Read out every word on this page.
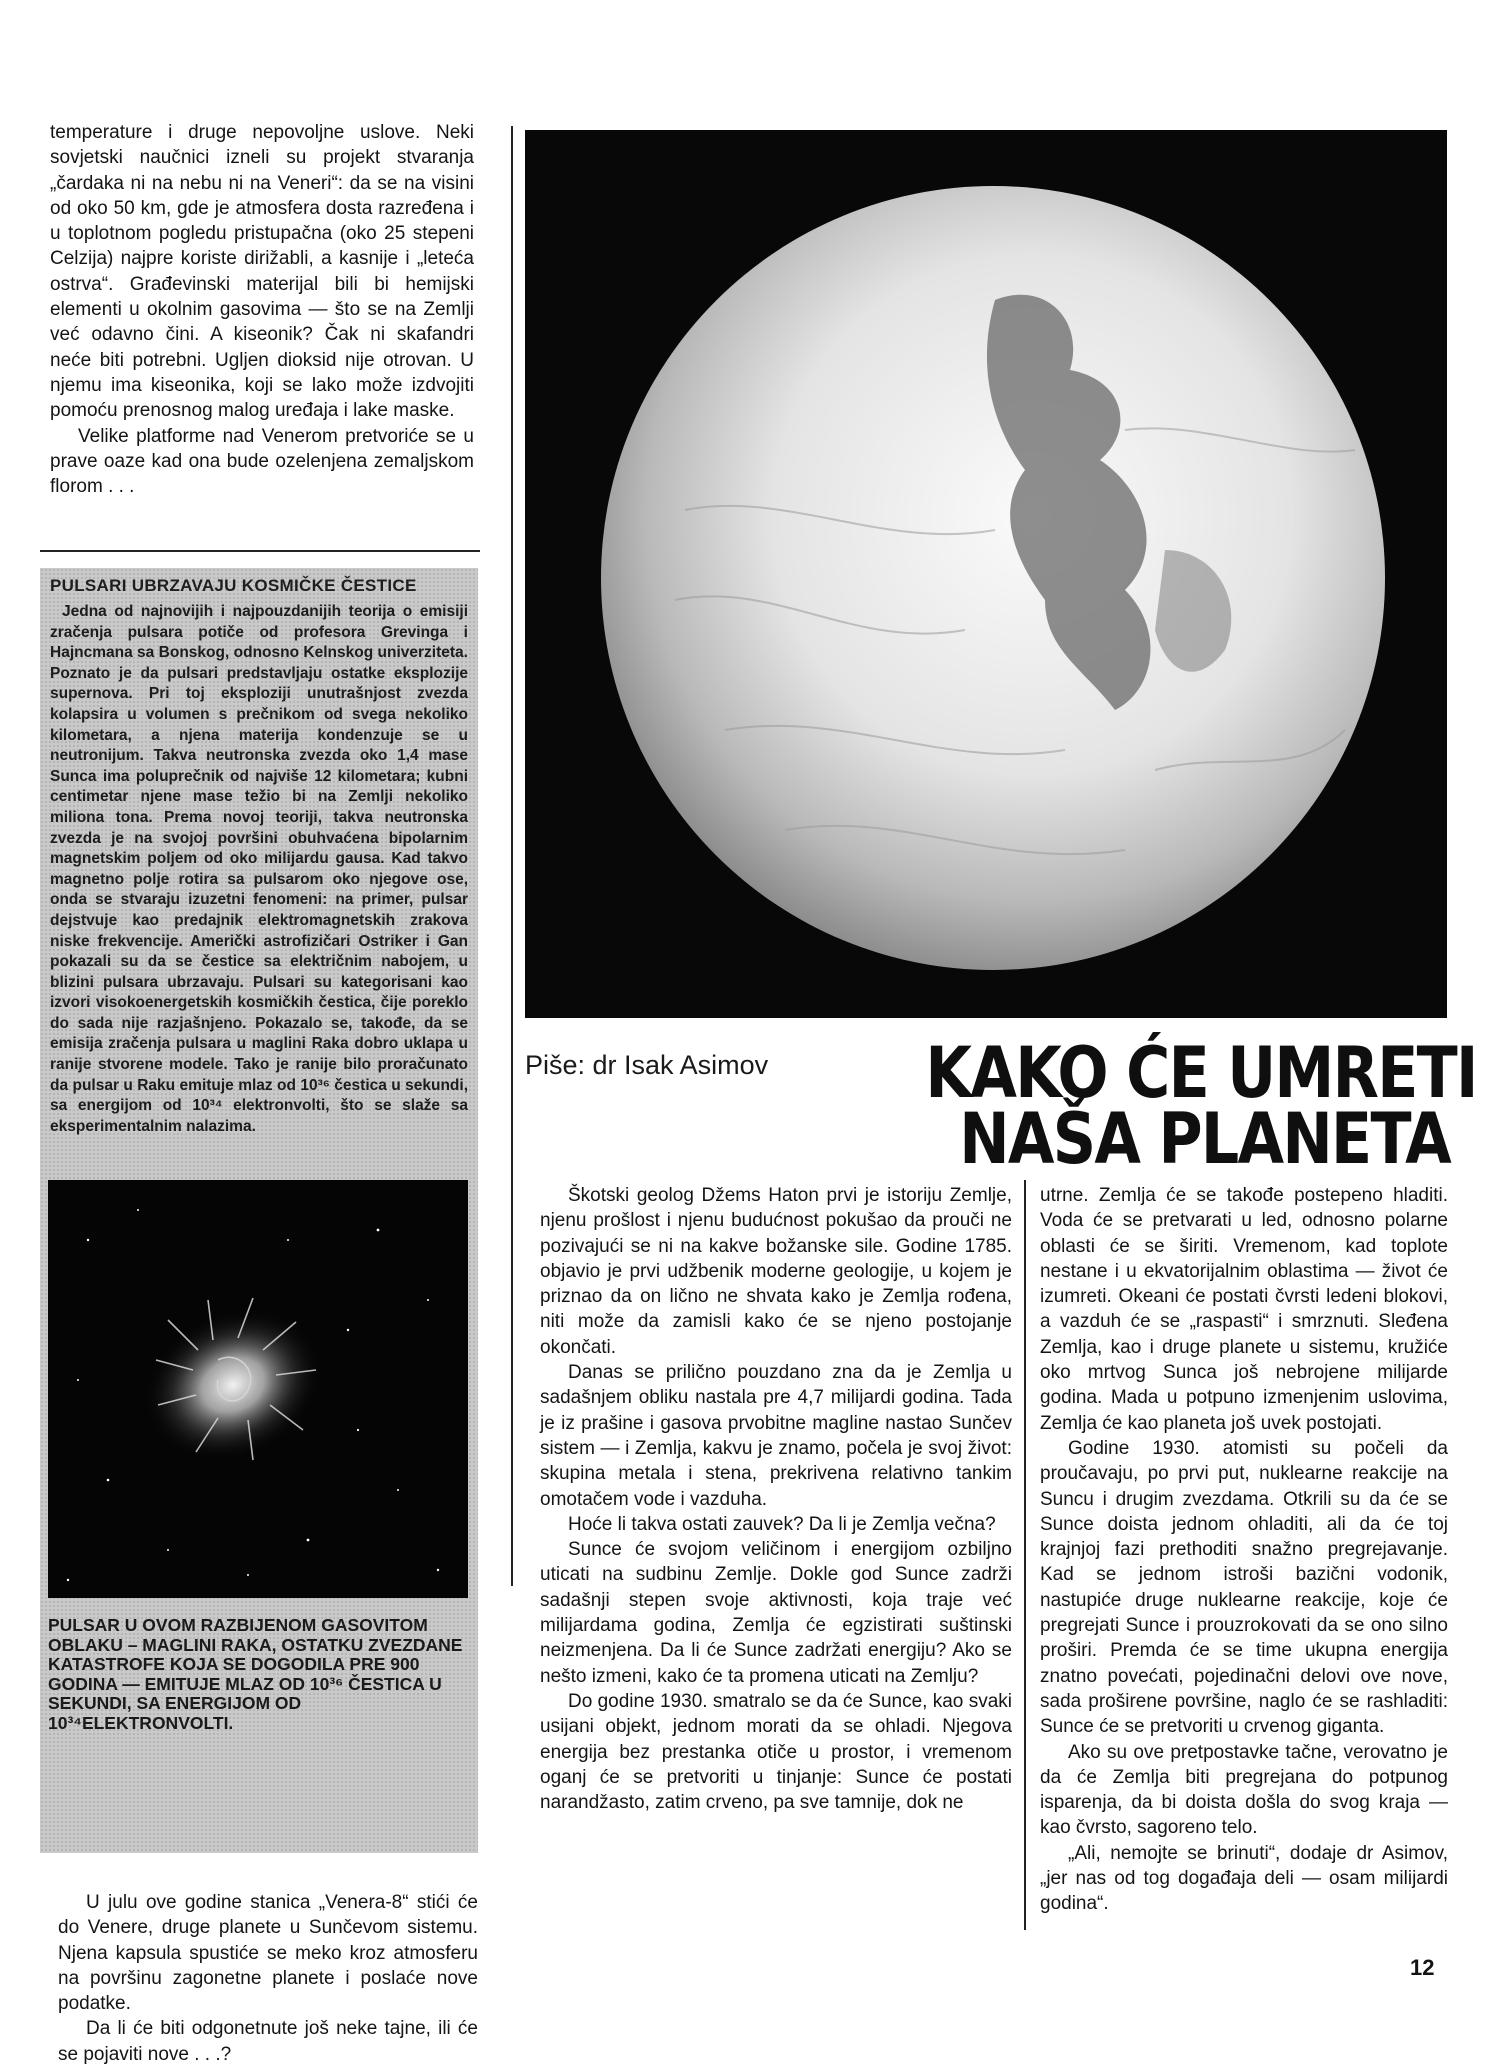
temperature i druge nepovoljne uslove. Neki sovjetski naučnici izneli su projekt stvaranja „čardaka ni na nebu ni na Veneri“: da se na visini od oko 50 km, gde je atmosfera dosta razređena i u toplotnom pogledu pristupačna (oko 25 stepeni Celzija) najpre koriste dirižabli, a kasnije i „leteća ostrva“. Građevinski materijal bili bi hemijski elementi u okolnim gasovima — što se na Zemlji već odavno čini. A kiseonik? Čak ni skafandri neće biti potrebni. Ugljen dioksid nije otrovan. U njemu ima kiseonika, koji se lako može izdvojiti pomoću prenosnog malog uređaja i lake maske.

Velike platforme nad Venerom pretvoriće se u prave oaze kad ona bude ozelenjena zemaljskom florom . . .

PULSARI UBRZAVAJU KOSMIČKE ČESTICE

Jedna od najnovijih i najpouzdanijih teorija o emisiji zračenja pulsara potiče od profesora Grevinga i Hajncmana sa Bonskog, odnosno Kelnskog univerziteta. Poznato je da pulsari predstavljaju ostatke eksplozije supernova. Pri toj eksploziji unutrašnjost zvezda kolapsira u volumen s prečnikom od svega nekoliko kilometara, a njena materija kondenzuje se u neutronijum. Takva neutronska zvezda oko 1,4 mase Sunca ima poluprečnik od najviše 12 kilometara; kubni centimetar njene mase težio bi na Zemlji nekoliko miliona tona. Prema novoj teoriji, takva neutronska zvezda je na svojoj površini obuhvaćena bipolarnim magnetskim poljem od oko milijardu gausa. Kad takvo magnetno polje rotira sa pulsarom oko njegove ose, onda se stvaraju izuzetni fenomeni: na primer, pulsar dejstvuje kao predajnik elektromagnetskih zrakova niske frekvencije. Američki astrofizičari Ostriker i Gan pokazali su da se čestice sa električnim nabojem, u blizini pulsara ubrzavaju. Pulsari su kategorisani kao izvori visokoenergetskih kosmičkih čestica, čije poreklo do sada nije razjašnjeno. Pokazalo se, takođe, da se emisija zračenja pulsara u maglini Raka dobro uklapa u ranije stvorene modele. Tako je ranije bilo proračunato da pulsar u Raku emituje mlaz od 10³⁶ čestica u sekundi, sa energijom od 10³⁴ elektronvolti, što se slaže sa eksperimentalnim nalazima.

PULSAR U OVOM RAZBIJENOM GASOVITOM OBLAKU – MAGLINI RAKA, OSTATKU ZVEZDANE KATASTROFE KOJA SE DOGODILA PRE 900 GODINA — EMITUJE MLAZ OD 10³⁶ ČESTICA U SEKUNDI, SA ENERGIJOM OD 10³⁴ELEKTRONVOLTI.

U julu ove godine stanica „Venera-8“ stići će do Venere, druge planete u Sunčevom sistemu. Njena kapsula spustiće se meko kroz atmosferu na površinu zagonetne planete i poslaće nove podatke.

Da li će biti odgonetnute još neke tajne, ili će se pojaviti nove . . .?

Piše: dr Isak Asimov KAKO ĆE UMRETI
NAŠA PLANETA

Škotski geolog Džems Haton prvi je istoriju Zemlje, njenu prošlost i njenu budućnost pokušao da prouči ne pozivajući se ni na kakve božanske sile. Godine 1785. objavio je prvi udžbenik moderne geologije, u kojem je priznao da on lično ne shvata kako je Zemlja rođena, niti može da zamisli kako će se njeno postojanje okončati.

Danas se prilično pouzdano zna da je Zemlja u sadašnjem obliku nastala pre 4,7 milijardi godina. Tada je iz prašine i gasova prvobitne magline nastao Sunčev sistem — i Zemlja, kakvu je znamo, počela je svoj život: skupina metala i stena, prekrivena relativno tankim omotačem vode i vazduha.

Hoće li takva ostati zauvek? Da li je Zemlja večna?

Sunce će svojom veličinom i energijom ozbiljno uticati na sudbinu Zemlje. Dokle god Sunce zadrži sadašnji stepen svoje aktivnosti, koja traje već milijardama godina, Zemlja će egzistirati suštinski neizmenjena. Da li će Sunce zadržati energiju? Ako se nešto izmeni, kako će ta promena uticati na Zemlju?

Do godine 1930. smatralo se da će Sunce, kao svaki usijani objekt, jednom morati da se ohladi. Njegova energija bez prestanka otiče u prostor, i vremenom oganj će se pretvoriti u tinjanje: Sunce će postati narandžasto, zatim crveno, pa sve tamnije, dok ne

utrne. Zemlja će se takođe postepeno hladiti. Voda će se pretvarati u led, odnosno polarne oblasti će se širiti. Vremenom, kad toplote nestane i u ekvatorijalnim oblastima — život će izumreti. Okeani će postati čvrsti ledeni blokovi, a vazduh će se „raspasti“ i smrznuti. Sleđena Zemlja, kao i druge planete u sistemu, kružiće oko mrtvog Sunca još nebrojene milijarde godina. Mada u potpuno izmenjenim uslovima, Zemlja će kao planeta još uvek postojati.

Godine 1930. atomisti su počeli da proučavaju, po prvi put, nuklearne reakcije na Suncu i drugim zvezdama. Otkrili su da će se Sunce doista jednom ohladiti, ali da će toj krajnjoj fazi prethoditi snažno pregrejavanje. Kad se jednom istroši bazični vodonik, nastupiće druge nuklearne reakcije, koje će pregrejati Sunce i prouzrokovati da se ono silno proširi. Premda će se time ukupna energija znatno povećati, pojedinačni delovi ove nove, sada proširene površine, naglo će se rashladiti: Sunce će se pretvoriti u crvenog giganta.

Ako su ove pretpostavke tačne, verovatno je da će Zemlja biti pregrejana do potpunog isparenja, da bi doista došla do svog kraja — kao čvrsto, sagoreno telo.

„Ali, nemojte se brinuti“, dodaje dr Asimov, „jer nas od tog događaja deli — osam milijardi godina“.

12
